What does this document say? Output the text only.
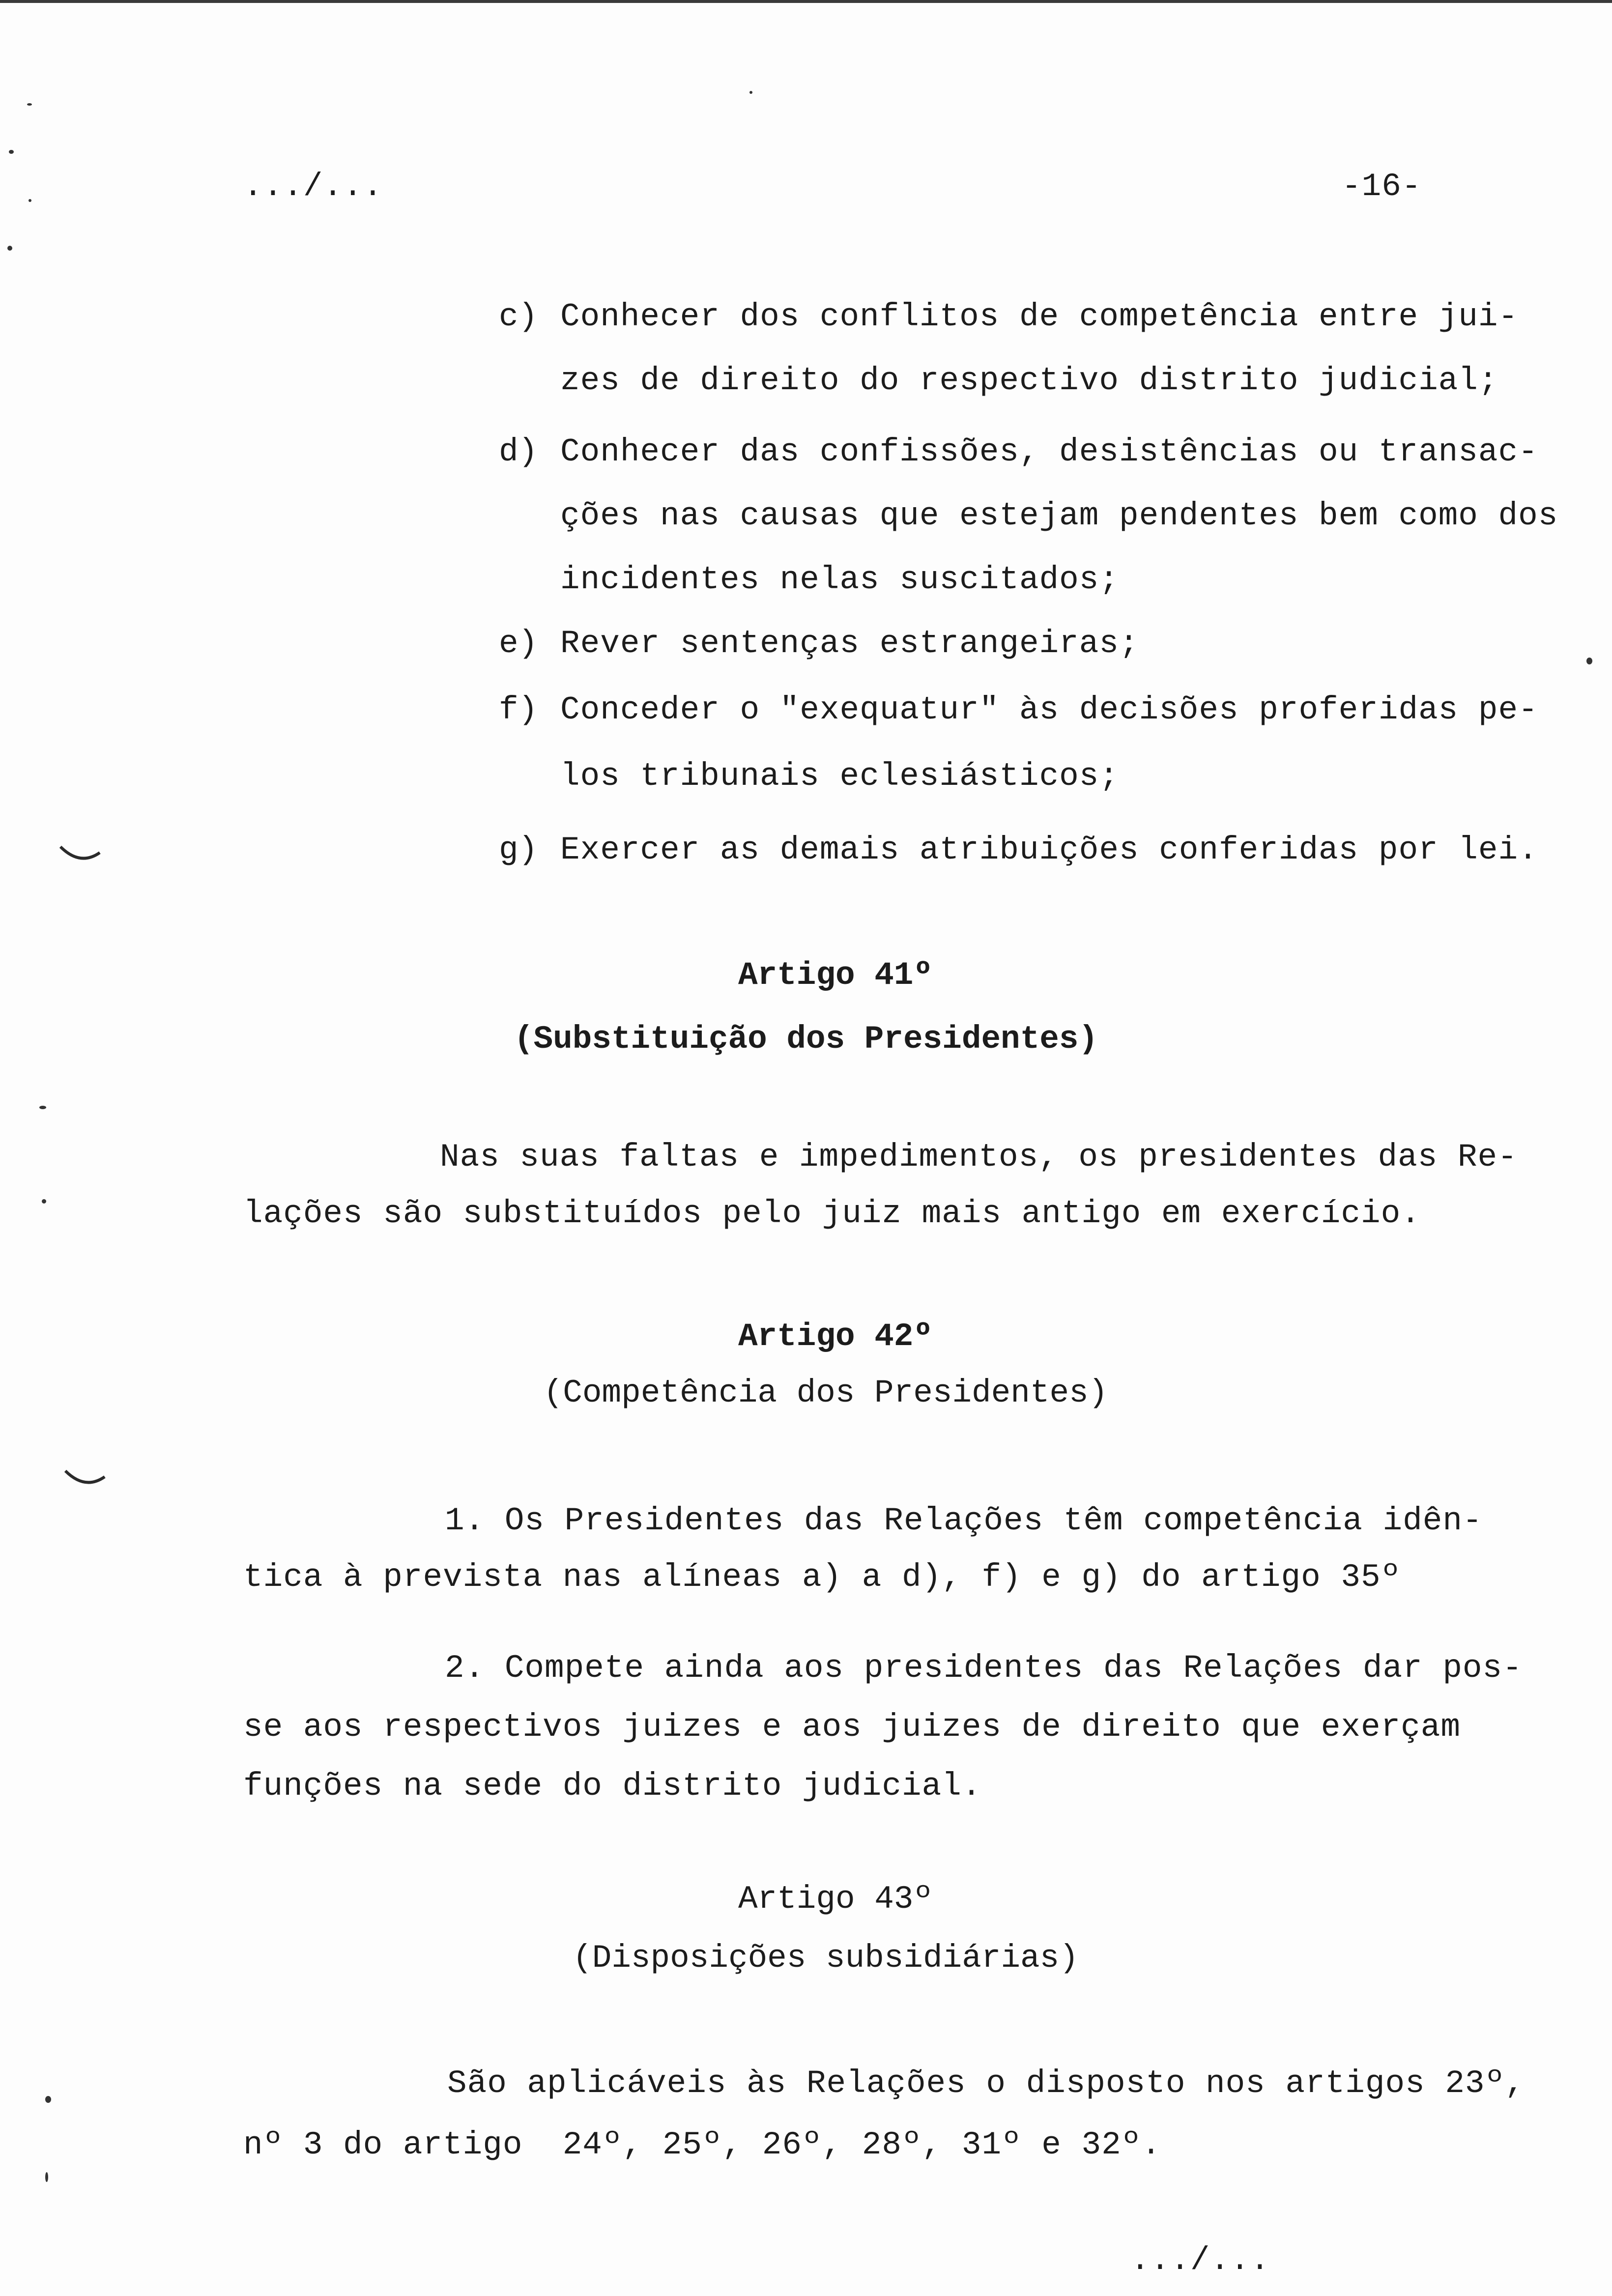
.../...	-16-
c) Conhecer dos conflitos de competência entre jui-
zes de direito do respectivo distrito judicial;
d) Conhecer das confissões, desistências ou transac-
ções nas causas que estejam pendentes bem como dos
incidentes nelas suscitados;
e) Rever sentenças estrangeiras;
f) Conceder o "exequatur" às decisões proferidas pe-
los tribunais eclesiásticos;
g) Exercer as demais atribuições conferidas por lei.
Artigo 41º
(Substituição dos Presidentes)
Nas suas faltas e impedimentos, os presidentes das Re-
lações são substituídos pelo juiz mais antigo em exercício.
Artigo 42º
(Competência dos Presidentes)
1. Os Presidentes das Relações têm competência idên-
tica à prevista nas alíneas a) a d), f) e g) do artigo 35º
2. Compete ainda aos presidentes das Relações dar pos-
se aos respectivos juizes e aos juizes de direito que exerçam
funções na sede do distrito judicial.
Artigo 43º
(Disposições subsidiárias)
São aplicáveis às Relações o disposto nos artigos 23º,
nº 3 do artigo  24º, 25º, 26º, 28º, 31º e 32º.
.../...
